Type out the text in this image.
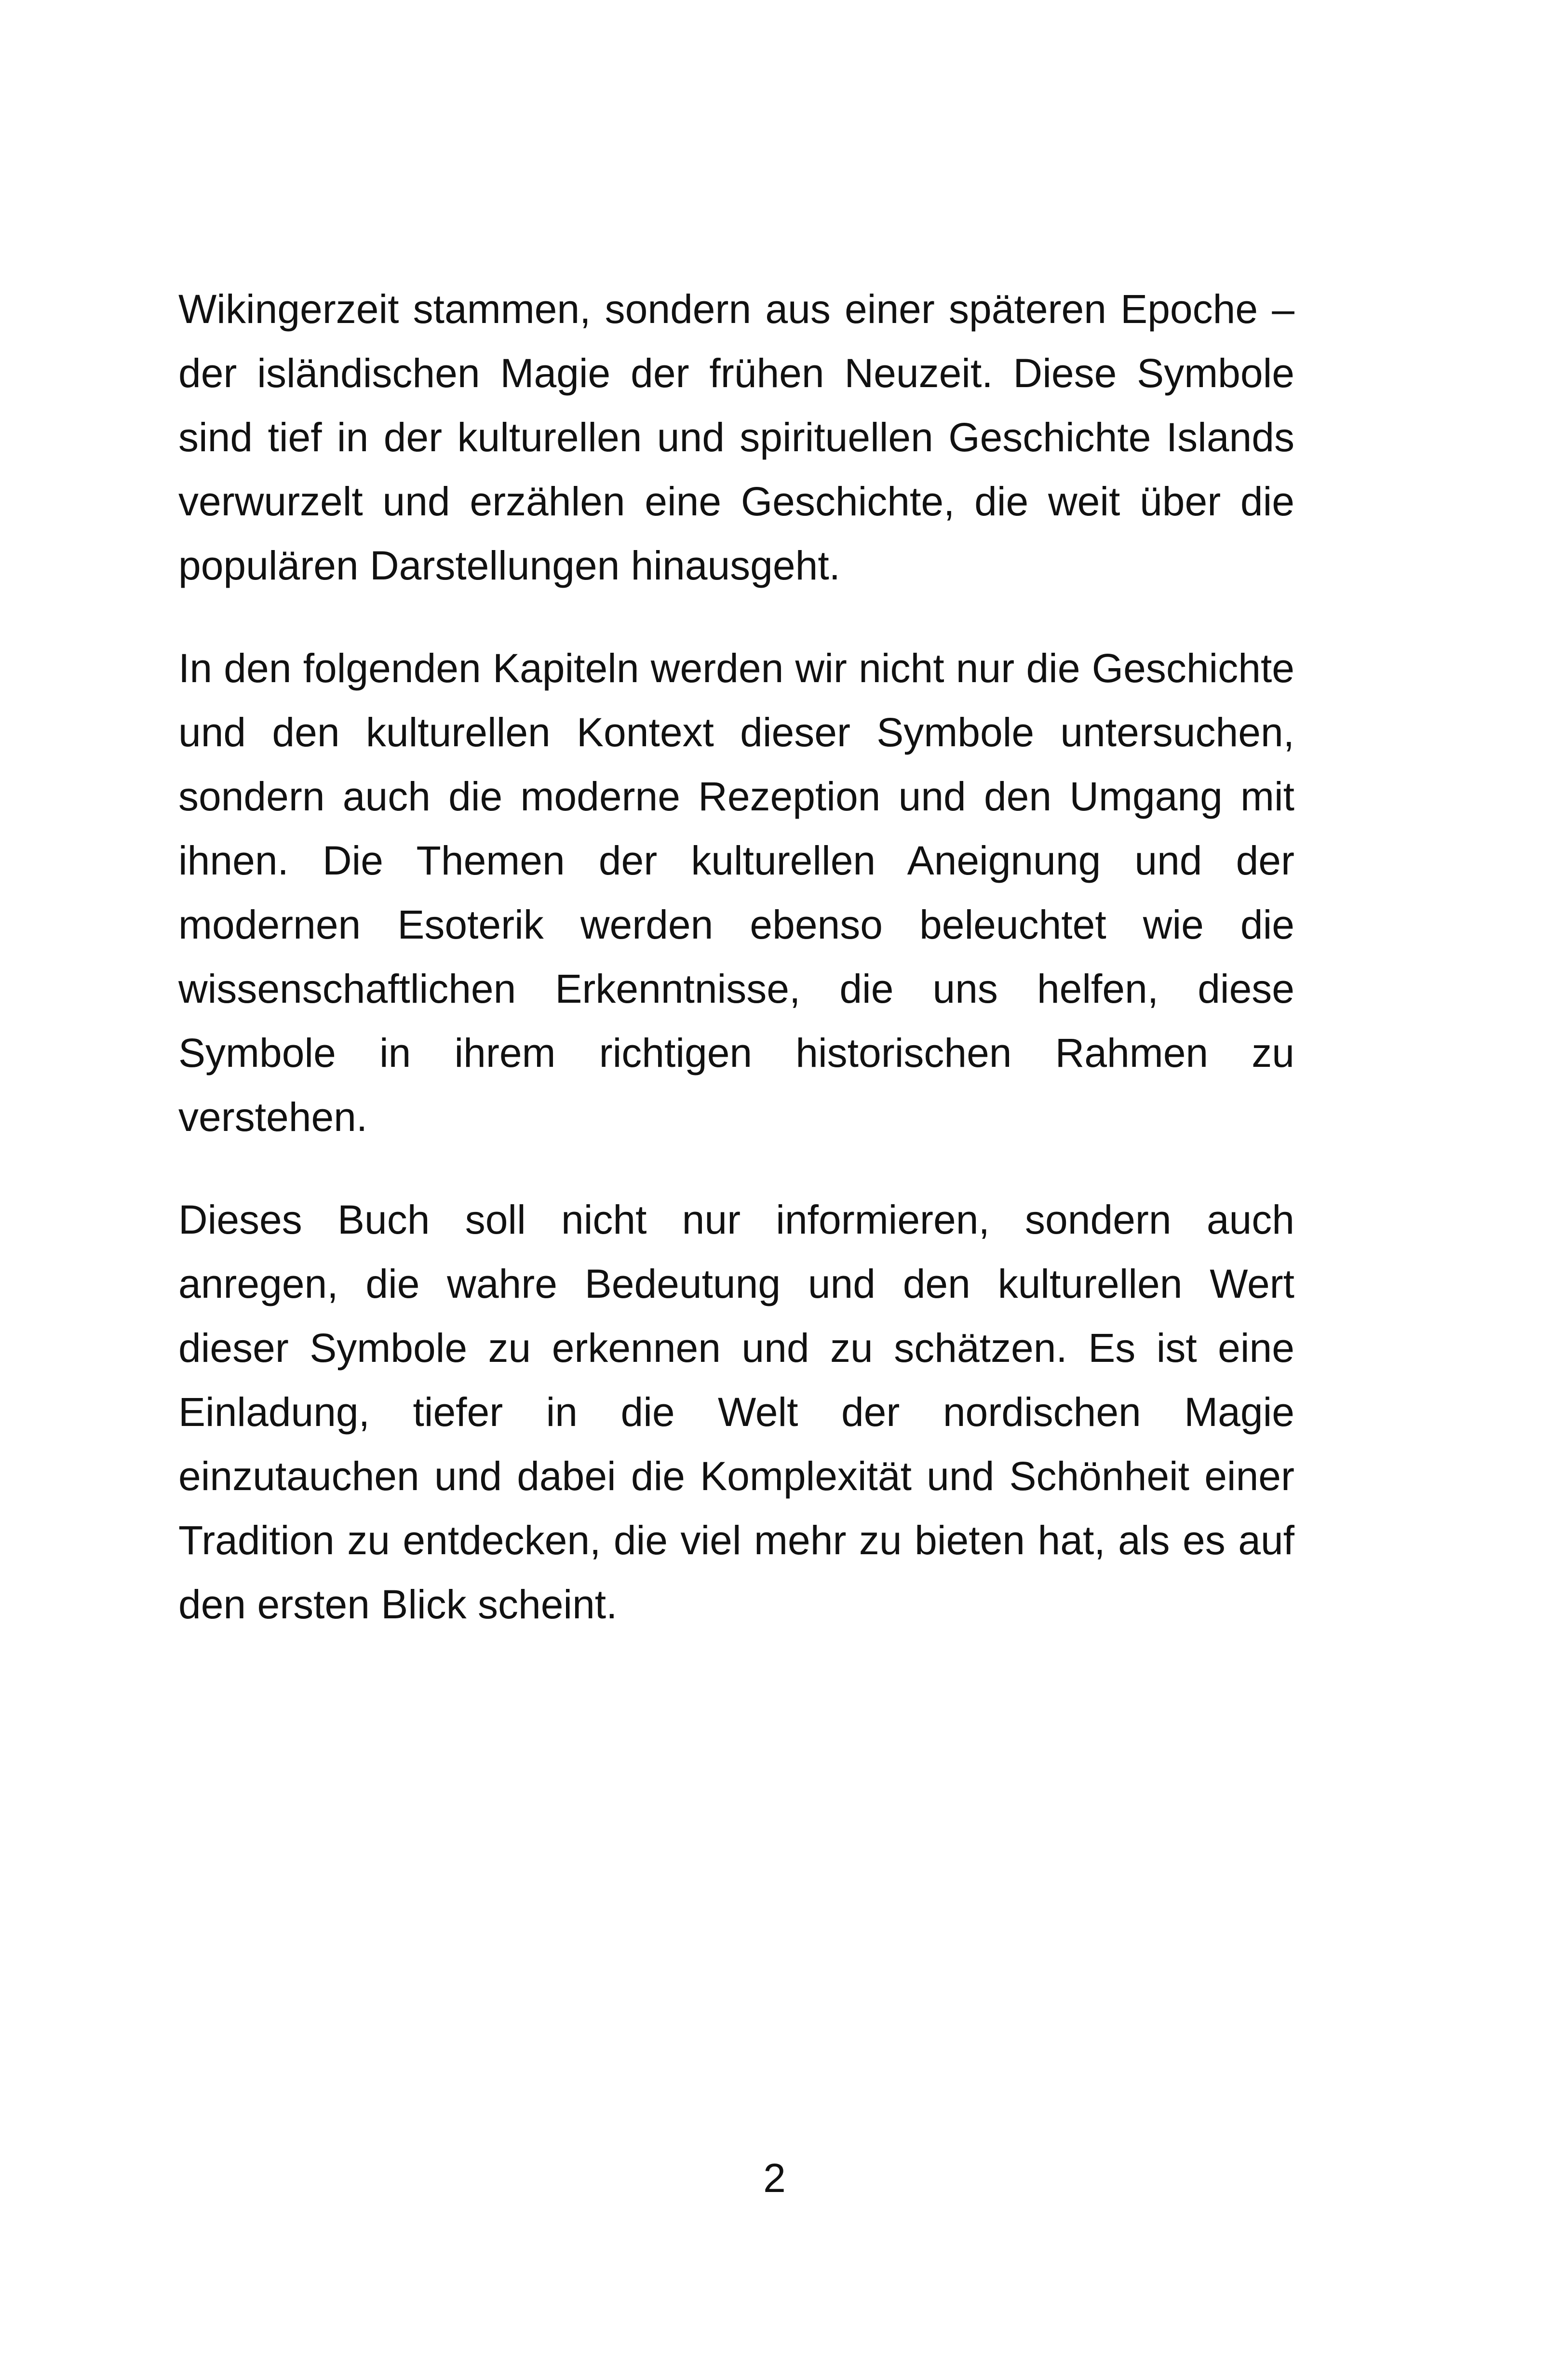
Wikingerzeit stammen, sondern aus einer späteren Epoche – der isländischen Magie der frühen Neuzeit. Diese Symbole sind tief in der kulturellen und spirituellen Geschichte Islands verwurzelt und erzählen eine Geschichte, die weit über die populären Darstellungen hinausgeht.

In den folgenden Kapiteln werden wir nicht nur die Geschichte und den kulturellen Kontext dieser Symbole untersuchen, sondern auch die moderne Rezeption und den Umgang mit ihnen. Die Themen der kulturellen Aneignung und der modernen Esoterik werden ebenso beleuchtet wie die wissenschaftlichen Erkenntnisse, die uns helfen, diese Symbole in ihrem richtigen historischen Rahmen zu verstehen.

Dieses Buch soll nicht nur informieren, sondern auch anregen, die wahre Bedeutung und den kulturellen Wert dieser Symbole zu erkennen und zu schätzen. Es ist eine Einladung, tiefer in die Welt der nordischen Magie einzutauchen und dabei die Komplexität und Schönheit einer Tradition zu entdecken, die viel mehr zu bieten hat, als es auf den ersten Blick scheint.

2
